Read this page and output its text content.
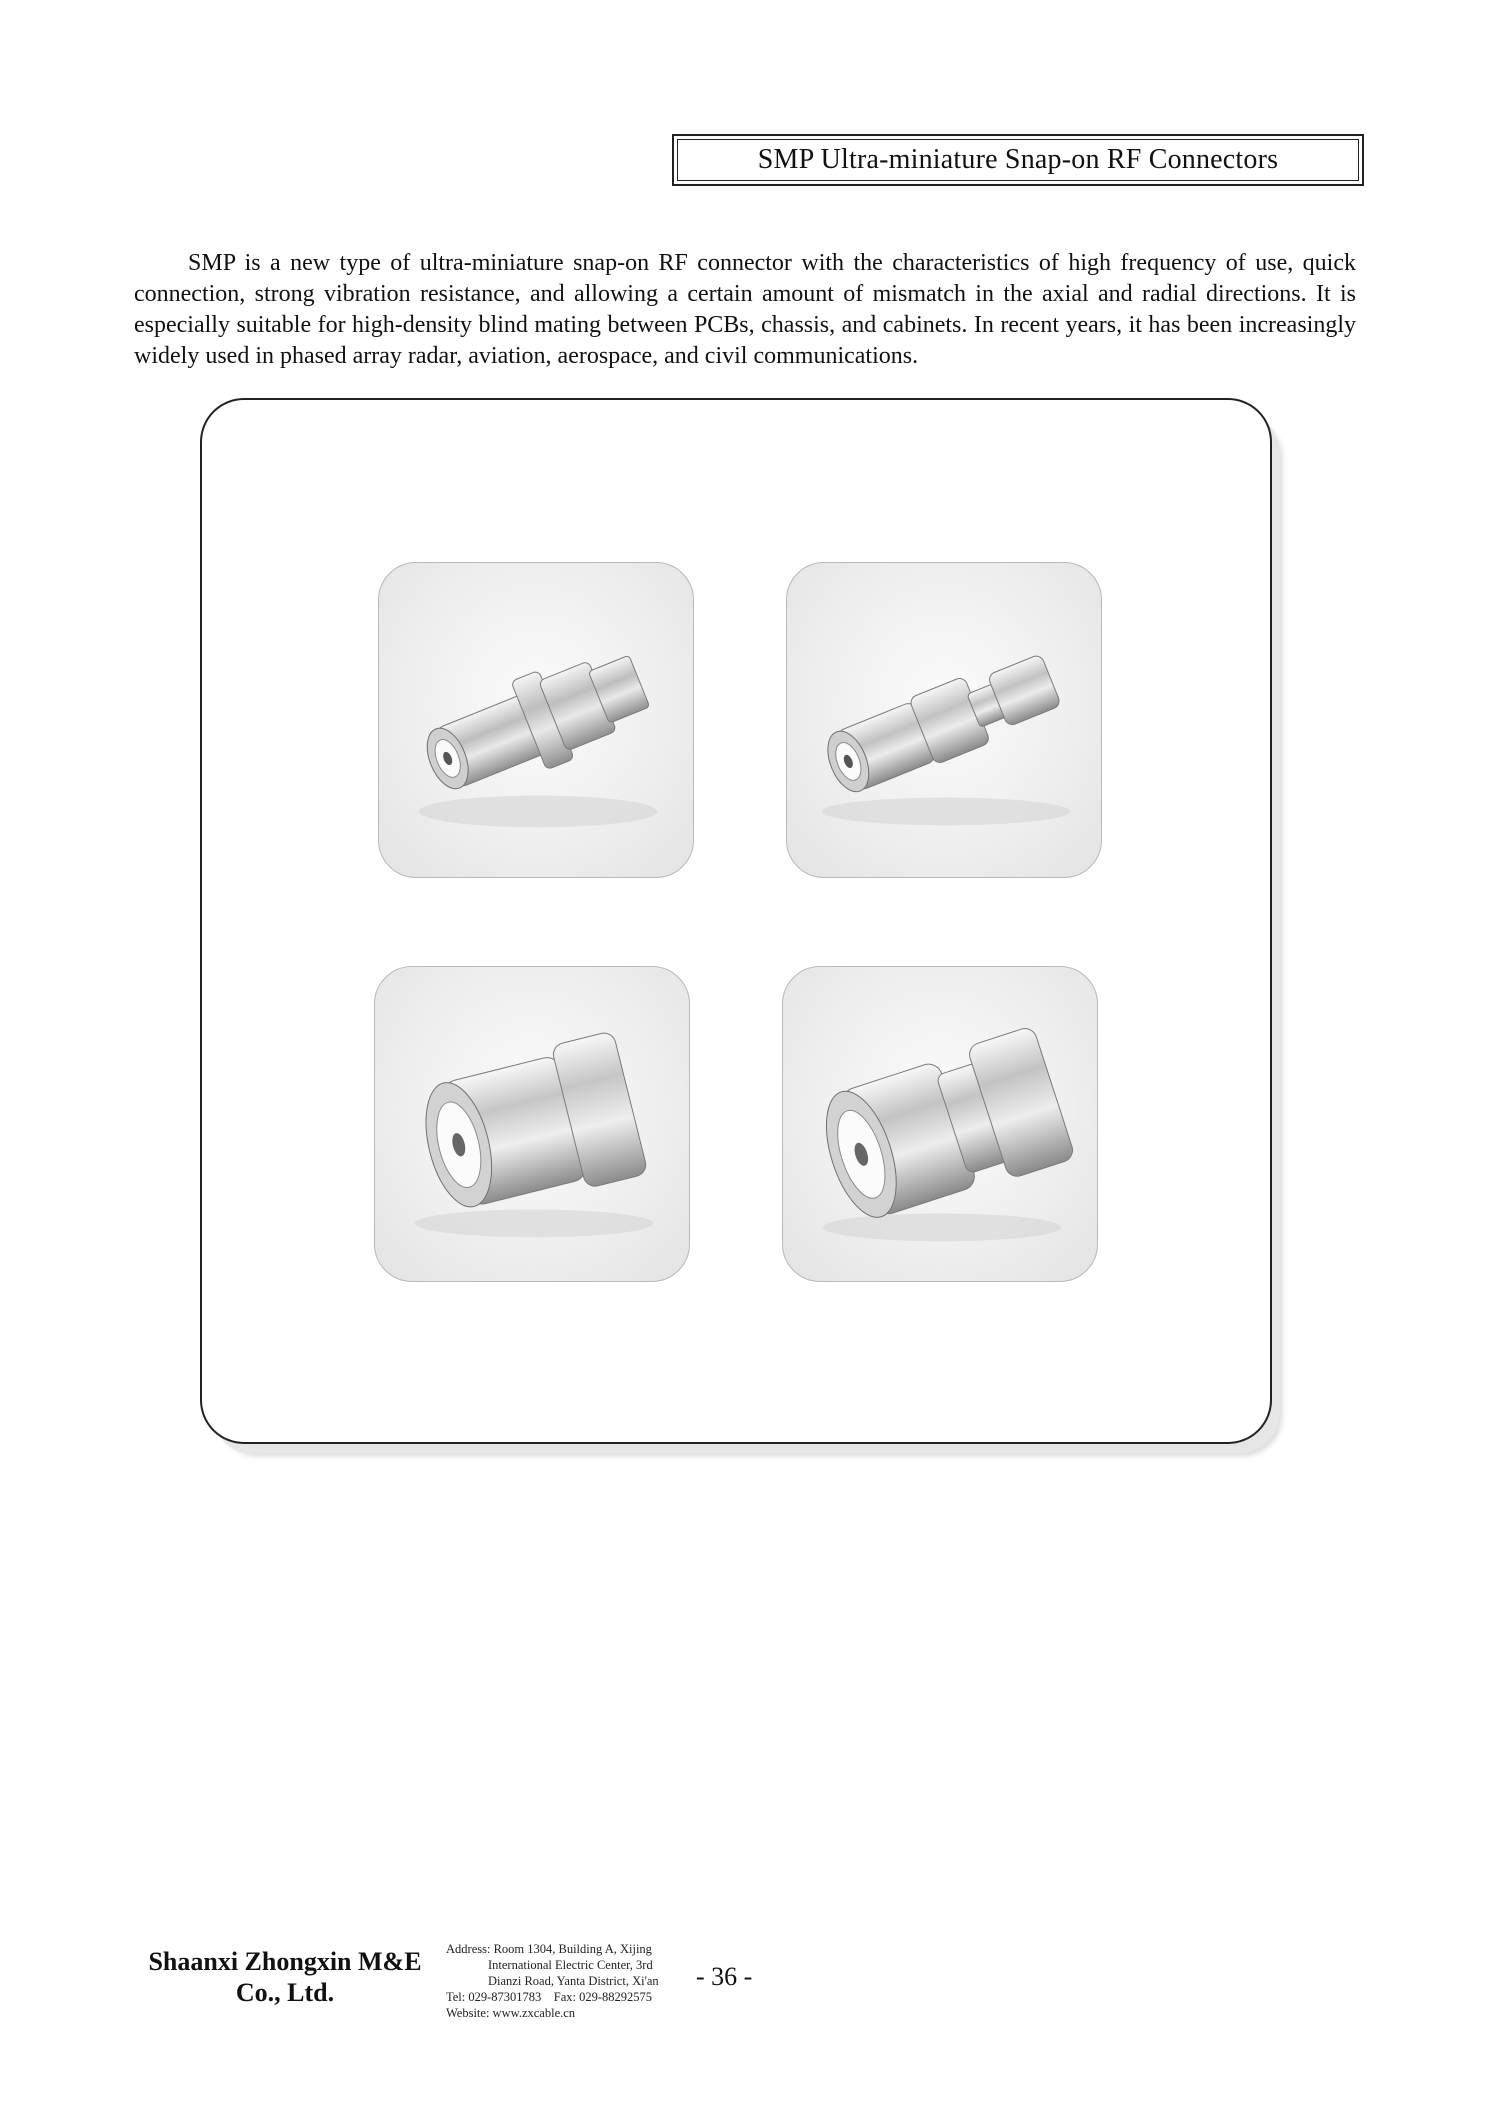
SMP Ultra-miniature Snap-on RF Connectors

SMP is a new type of ultra-miniature snap-on RF connector with the characteristics of high frequency of use, quick connection, strong vibration resistance, and allowing a certain amount of mismatch in the axial and radial directions. It is especially suitable for high-density blind mating between PCBs, chassis, and cabinets. In recent years, it has been increasingly widely used in phased array radar, aviation, aerospace, and civil communications.

Shaanxi Zhongxin M&E
Co., Ltd.
Address: Room 1304, Building A, Xijing
International Electric Center, 3rd
Dianzi Road, Yanta District, Xi'an
Tel: 029-87301783    Fax: 029-88292575
Website: www.zxcable.cn
- 36 -
